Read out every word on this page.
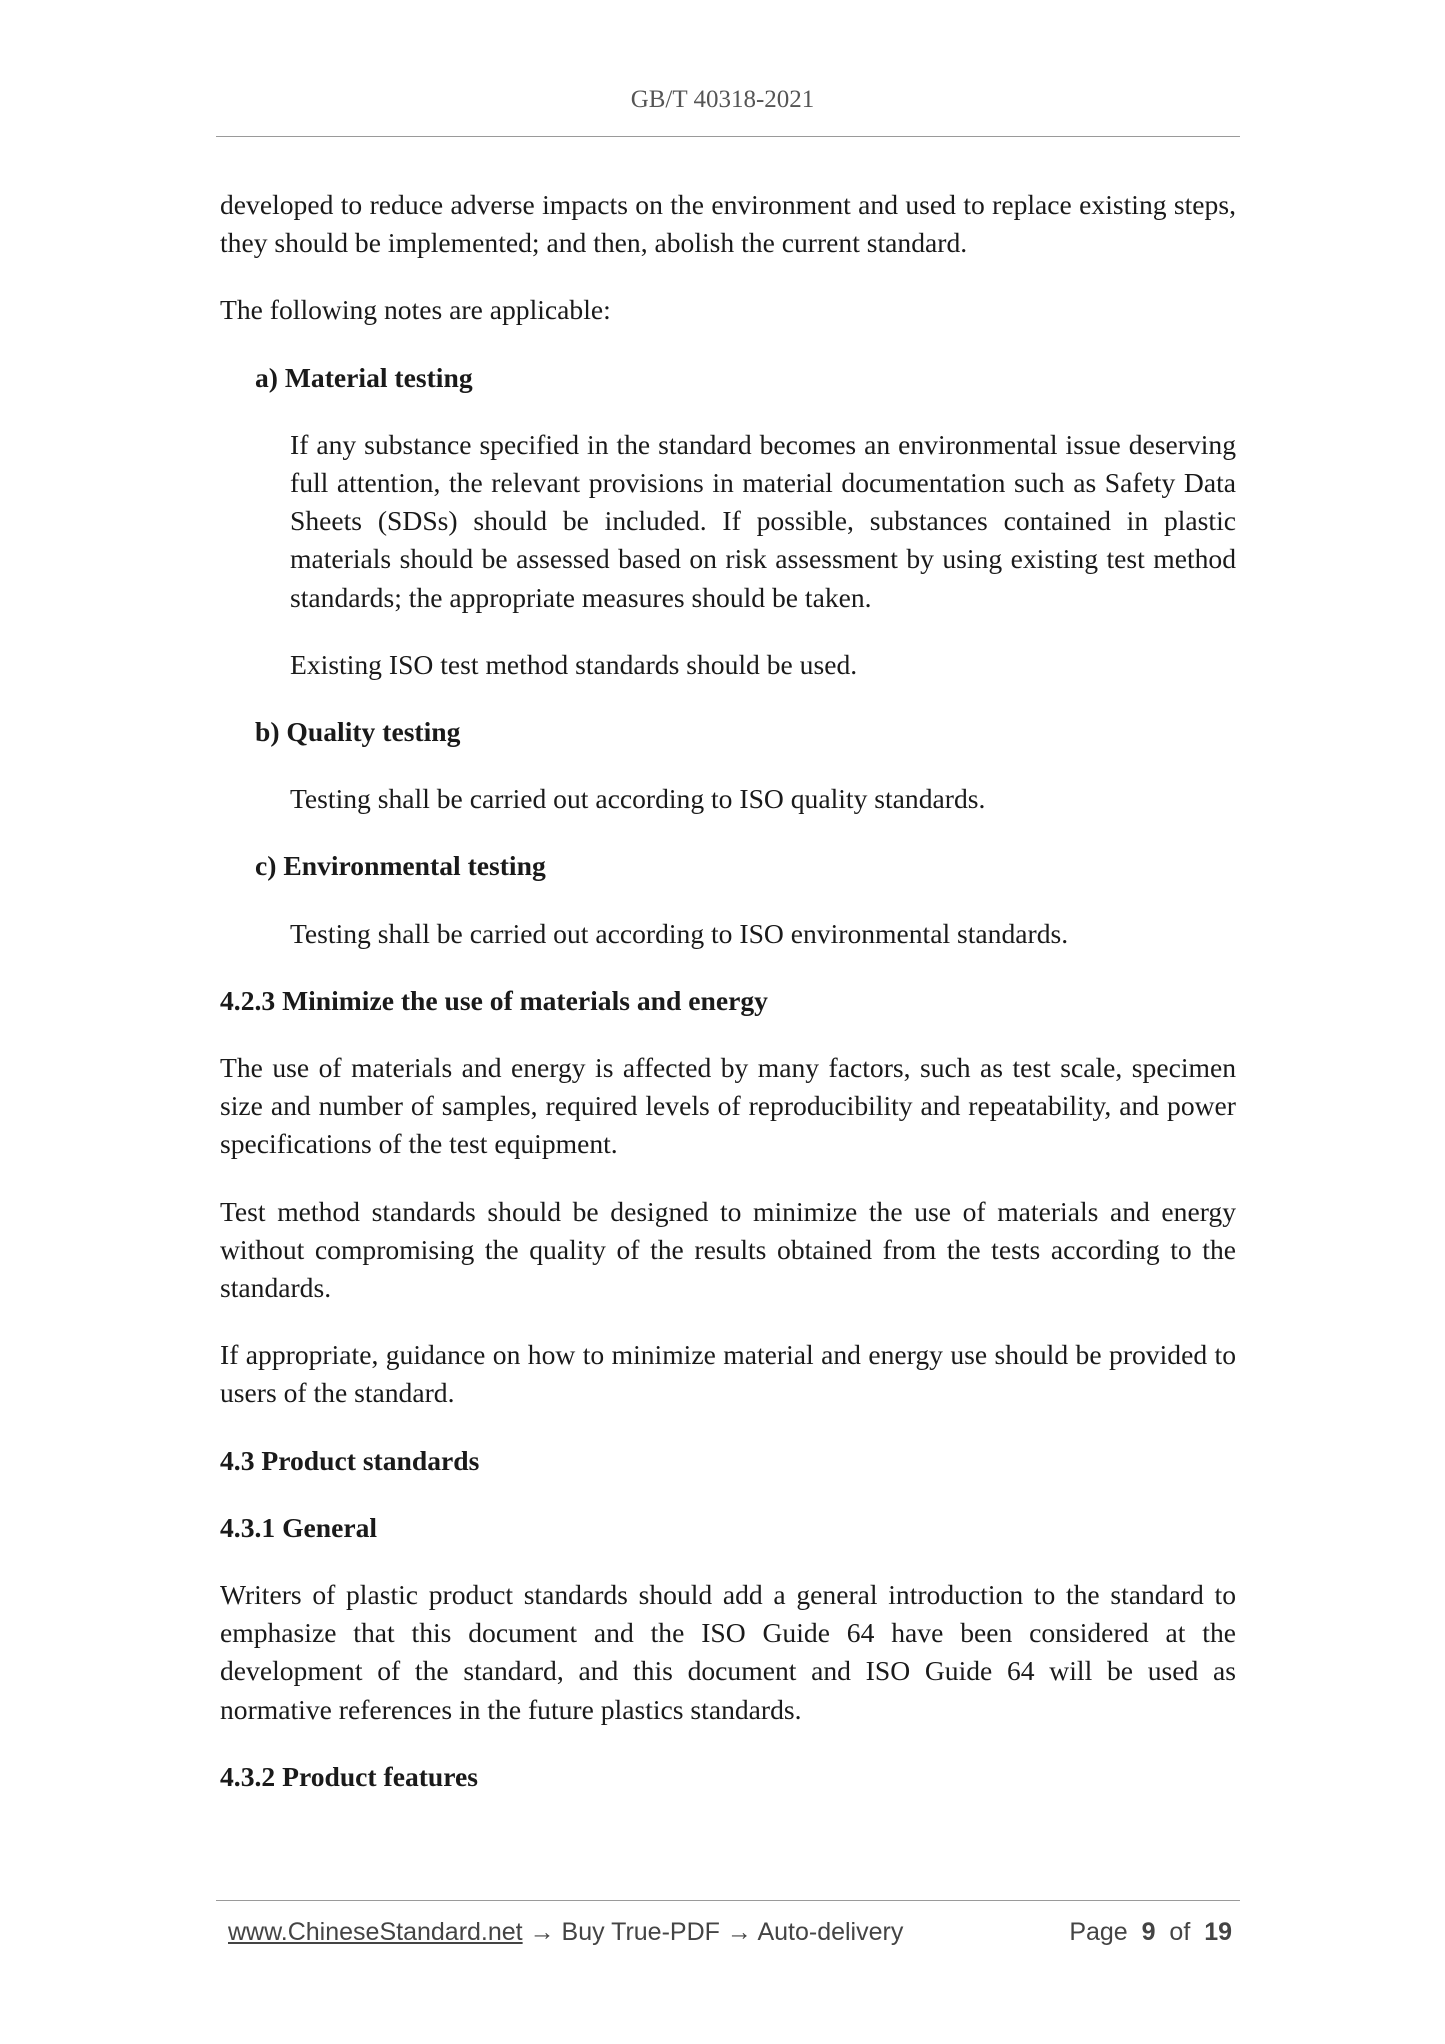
GB/T 40318-2021

developed to reduce adverse impacts on the environment and used to replace existing steps, they should be implemented; and then, abolish the current standard.

The following notes are applicable:

a) Material testing

If any substance specified in the standard becomes an environmental issue deserving full attention, the relevant provisions in material documentation such as Safety Data Sheets (SDSs) should be included. If possible, substances contained in plastic materials should be assessed based on risk assessment by using existing test method standards; the appropriate measures should be taken.

Existing ISO test method standards should be used.

b) Quality testing

Testing shall be carried out according to ISO quality standards.

c) Environmental testing

Testing shall be carried out according to ISO environmental standards.

4.2.3 Minimize the use of materials and energy

The use of materials and energy is affected by many factors, such as test scale, specimen size and number of samples, required levels of reproducibility and repeatability, and power specifications of the test equipment.

Test method standards should be designed to minimize the use of materials and energy without compromising the quality of the results obtained from the tests according to the standards.

If appropriate, guidance on how to minimize material and energy use should be provided to users of the standard.

4.3 Product standards

4.3.1 General

Writers of plastic product standards should add a general introduction to the standard to emphasize that this document and the ISO Guide 64 have been considered at the development of the standard, and this document and ISO Guide 64 will be used as normative references in the future plastics standards.

4.3.2 Product features

www.ChineseStandard.net → Buy True-PDF → Auto-delivery	Page 9 of 19
